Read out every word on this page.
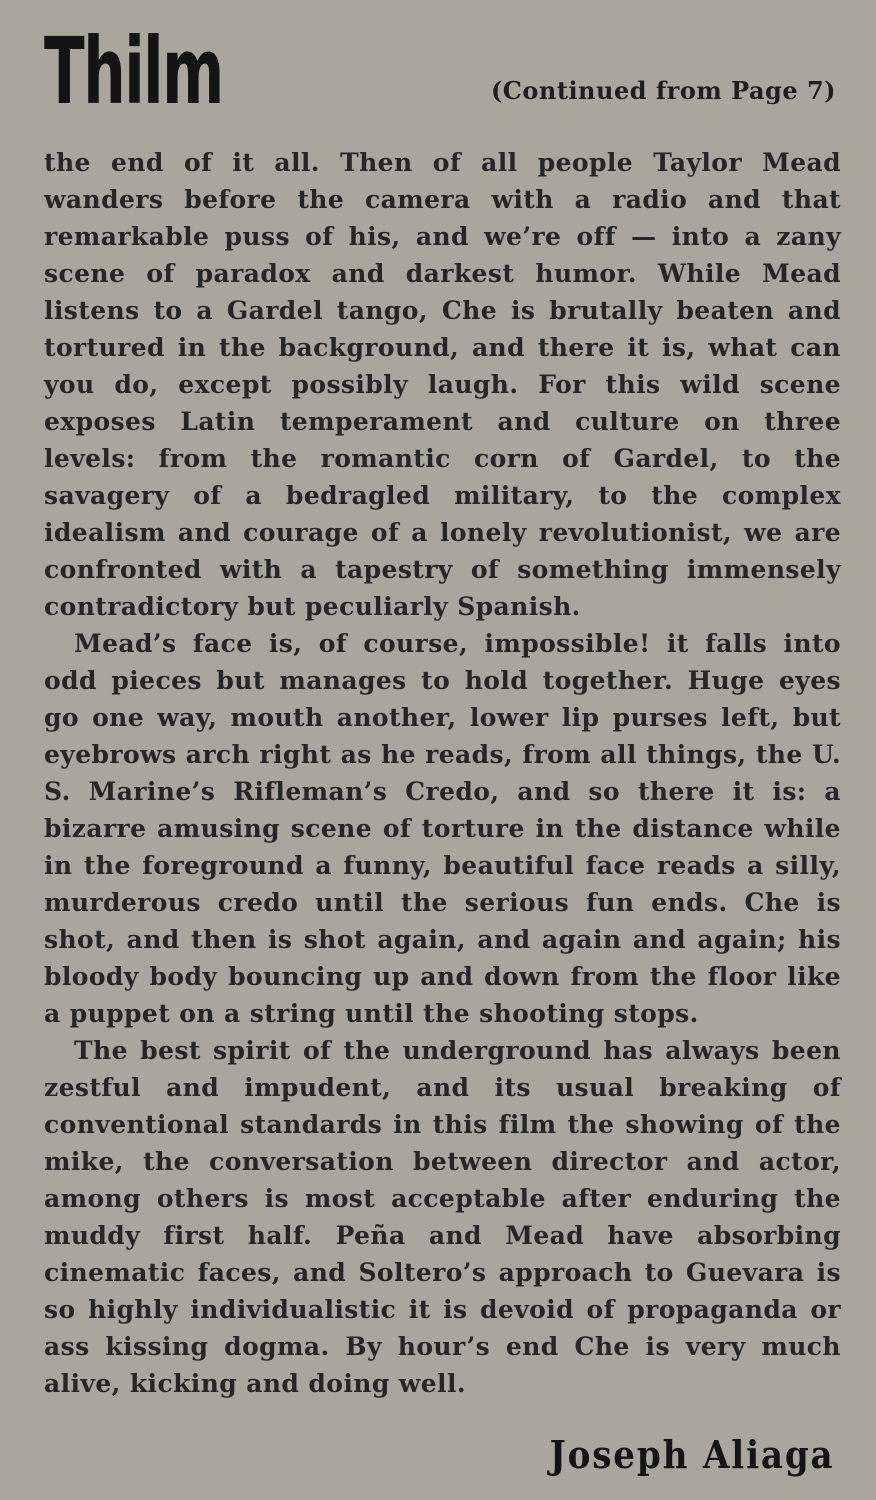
Thilm	(Continued from Page 7)

the end of it all. Then of all people Taylor Mead wanders before the camera with a radio and that remarkable puss of his, and we’re off — into a zany scene of paradox and darkest humor. While Mead listens to a Gardel tango, Che is brutally beaten and tortured in the background, and there it is, what can you do, except possibly laugh. For this wild scene exposes Latin temperament and culture on three levels: from the romantic corn of Gardel, to the savagery of a bedragled military, to the complex idealism and courage of a lonely revolutionist, we are confronted with a tapestry of something immensely contradictory but peculiarly Spanish.

Mead’s face is, of course, impossible! it falls into odd pieces but manages to hold together. Huge eyes go one way, mouth another, lower lip purses left, but eyebrows arch right as he reads, from all things, the U. S. Marine’s Rifleman’s Credo, and so there it is: a bizarre amusing scene of torture in the distance while in the foreground a funny, beautiful face reads a silly, murderous credo until the serious fun ends. Che is shot, and then is shot again, and again and again; his bloody body bouncing up and down from the floor like a puppet on a string until the shooting stops.

The best spirit of the underground has always been zestful and impudent, and its usual breaking of conventional standards in this film the showing of the mike, the conversation between director and actor, among others is most acceptable after enduring the muddy first half. Peña and Mead have absorbing cinematic faces, and Soltero’s approach to Guevara is so highly individualistic it is devoid of propaganda or ass kissing dogma. By hour’s end Che is very much alive, kicking and doing well.

Joseph Aliaga
